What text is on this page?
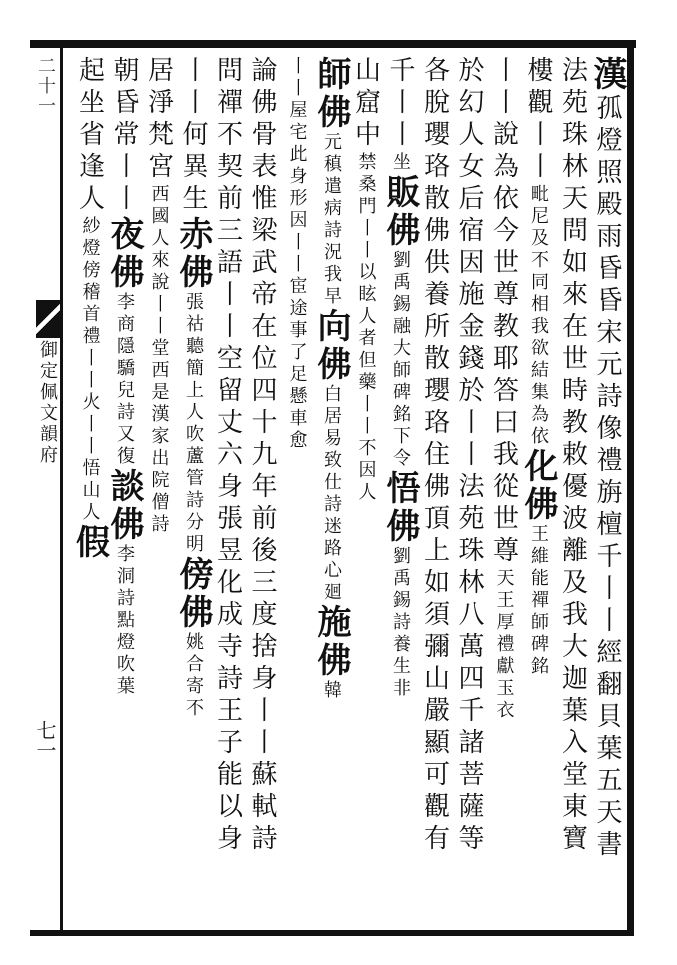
二十一
御定佩文韻府
七一
漢孤燈照殿雨昏昏宋元詩像禮旃檀千丨丨經翻貝葉五天書
法苑珠林天問如來在世時教敕優波離及我大迦葉入堂東寶
樓觀丨丨毗尼及不同相我欲結集為依化佛王維能禪師碑銘
丨丨說為依今世尊教耶答曰我從世尊天王厚禮獻玉衣
於幻人女后宿因施金錢於丨丨法苑珠林八萬四千諸菩薩等
各脫瓔珞散佛供養所散瓔珞住佛頂上如須彌山嚴顯可觀有
千丨丨坐販佛劉禹錫融大師碑銘下令悟佛劉禹錫詩養生非
山窟中禁桑門丨丨以眩人者但藥丨丨不因人
師佛元稹遣病詩況我早向佛白居易致仕詩迷路心廻施佛韓
丨丨屋宅此身形因丨丨宦途事了足懸車愈
論佛骨表惟梁武帝在位四十九年前後三度捨身丨丨蘇軾詩
問禪不契前三語丨丨空留丈六身張昱化成寺詩王子能以身
丨丨何異生赤佛張祜聽簡上人吹蘆管詩分明傍佛姚合寄不
居淨梵宮西國人來說丨丨堂西是漢家出院僧詩
朝昏常丨丨夜佛李商隱驕兒詩又復談佛李洞詩點燈吹葉
起坐省逢人紗燈傍稽首禮丨丨火丨丨悟山人假
